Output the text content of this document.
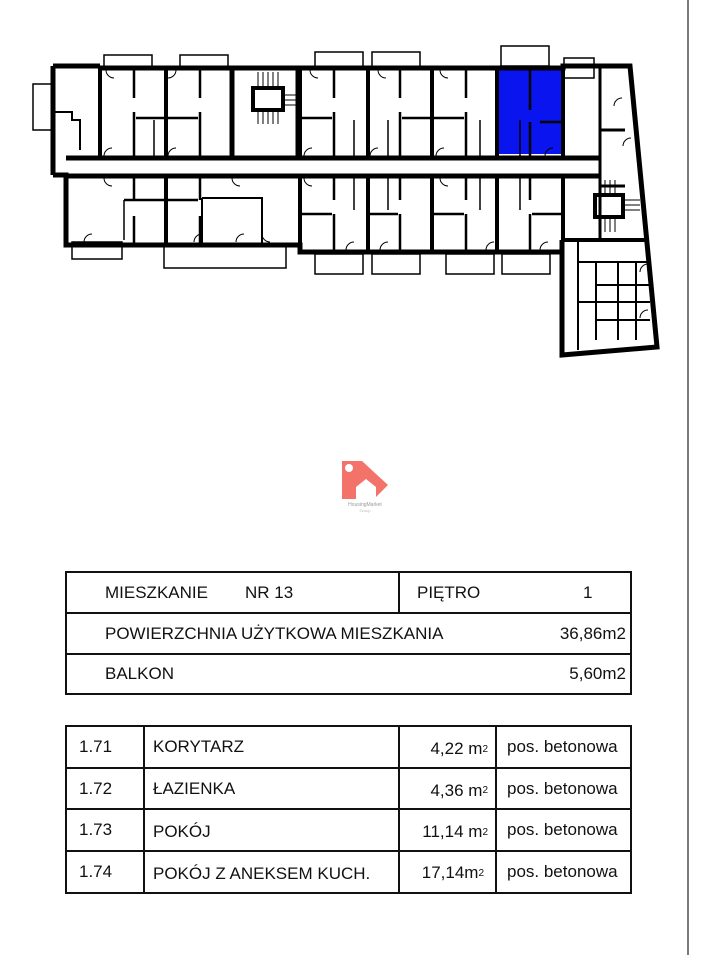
HousingMarket
Group
MIESZKANIE NR 13	PIĘTRO	1
POWIERZCHNIA UŻYTKOWA MIESZKANIA	36,86m2
BALKON	5,60m2
1.71 KORYTARZ	4,22 m 2 pos. betonowa
1.72 ŁAZIENKA	4,36 m 2 pos. betonowa
1.73 POKÓJ	11,14 m 2 pos. betonowa
1.74 POKÓJ Z ANEKSEM KUCH.	17,14m 2 pos. betonowa
